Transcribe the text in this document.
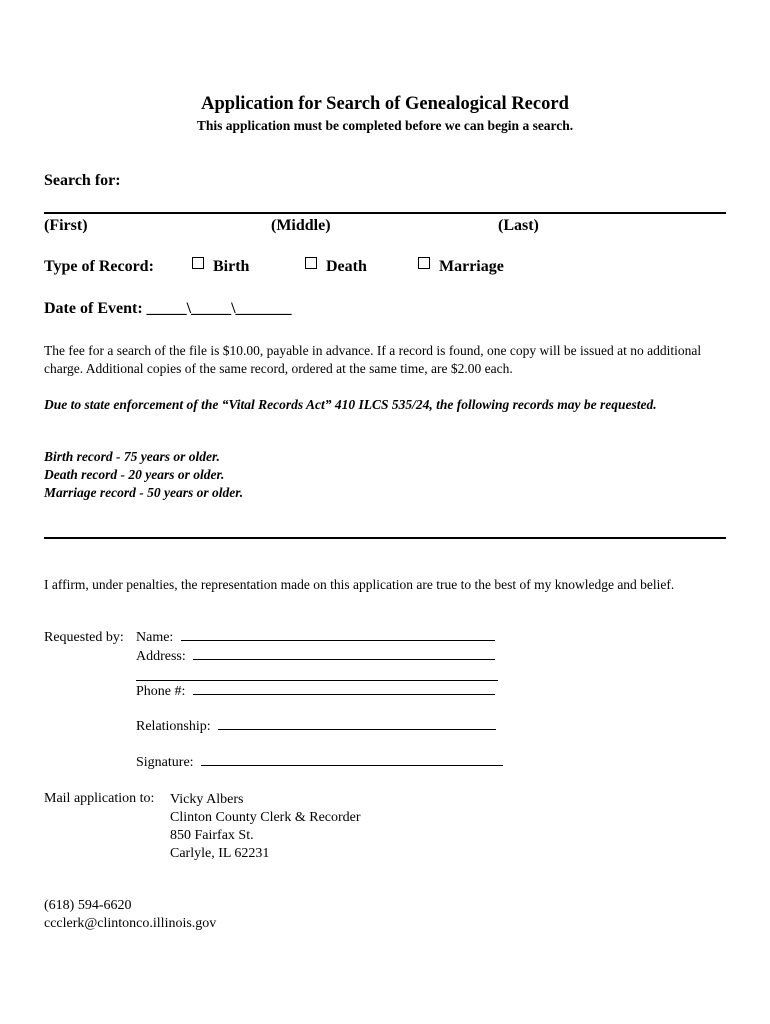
Application for Search of Genealogical Record
This application must be completed before we can begin a search.
Search for:
(First)	(Middle)	(Last)
Type of Record:	Birth	Death	Marriage
Date of Event: _____\_____\_______
The fee for a search of the file is $10.00, payable in advance. If a record is found, one copy will be issued at no additional charge. Additional copies of the same record, ordered at the same time, are $2.00 each.
Due to state enforcement of the “Vital Records Act” 410 ILCS 535/24, the following records may be requested.
Birth record - 75 years or older.
Death record - 20 years or older.
Marriage record - 50 years or older.
I affirm, under penalties, the representation made on this application are true to the best of my knowledge and belief.
Requested by: Name:
Address:
Phone #:
Relationship:
Signature:
Mail application to: Vicky Albers
Clinton County Clerk & Recorder
850 Fairfax St.
Carlyle, IL 62231
(618) 594-6620
ccclerk@clintonco.illinois.gov
